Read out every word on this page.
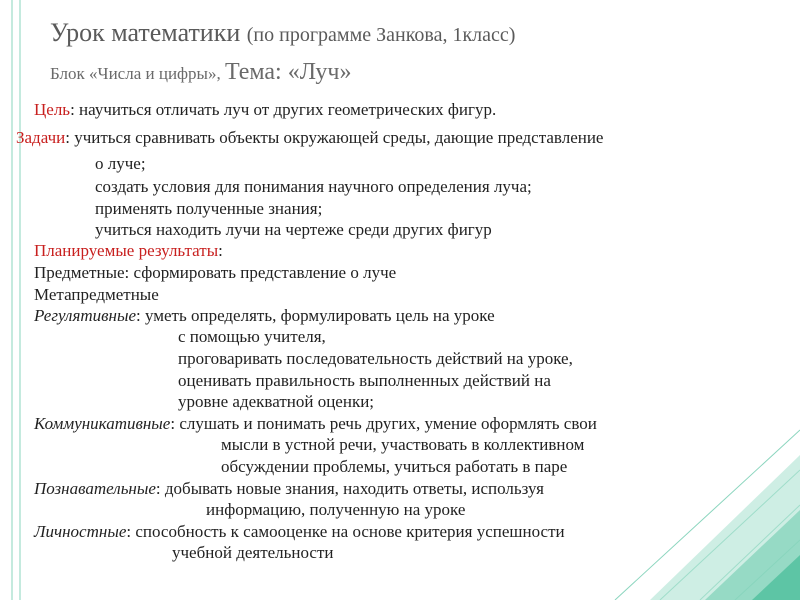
Урок математики (по программе Занкова, 1класс)
Блок «Числа и цифры», Тема: «Луч»
Цель: научиться отличать луч от других геометрических фигур.
Задачи: учиться сравнивать объекты окружающей среды, дающие представление
о луче;
создать условия для понимания научного определения луча;
применять полученные знания;
учиться находить лучи на чертеже среди других фигур
Планируемые результаты:
Предметные: сформировать представление о луче
Метапредметные
Регулятивные: уметь определять, формулировать цель на уроке
с помощью учителя,
проговаривать последовательность действий на уроке,
оценивать правильность выполненных действий на
уровне адекватной оценки;
Коммуникативные: слушать и понимать речь других, умение оформлять свои
мысли в устной речи, участвовать в коллективном
обсуждении проблемы, учиться работать в паре
Познавательные: добывать новые знания, находить ответы, используя
информацию, полученную на уроке
Личностные: способность к самооценке на основе критерия успешности
учебной деятельности
